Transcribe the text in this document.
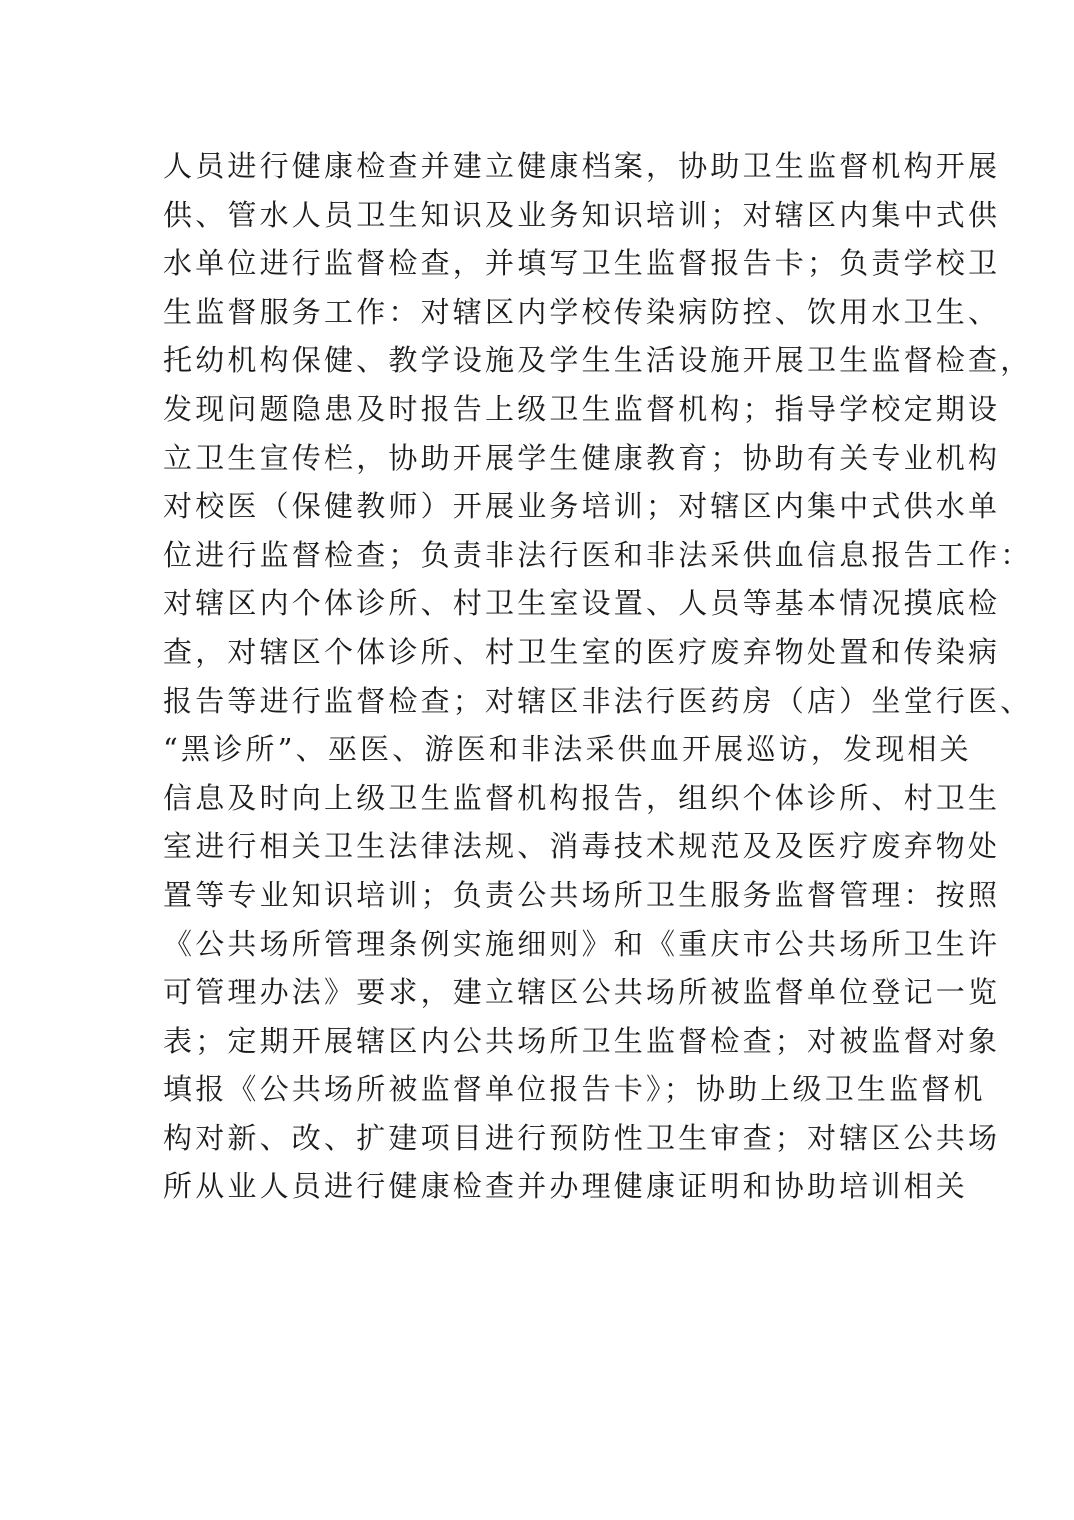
人员进行健康检查并建立健康档案，协助卫生监督机构开展
供、管水人员卫生知识及业务知识培训；对辖区内集中式供
水单位进行监督检查，并填写卫生监督报告卡；负责学校卫
生监督服务工作：对辖区内学校传染病防控、饮用水卫生、
托幼机构保健、教学设施及学生生活设施开展卫生监督检查，
发现问题隐患及时报告上级卫生监督机构；指导学校定期设
立卫生宣传栏，协助开展学生健康教育；协助有关专业机构
对校医（保健教师）开展业务培训；对辖区内集中式供水单
位进行监督检查；负责非法行医和非法采供血信息报告工作：
对辖区内个体诊所、村卫生室设置、人员等基本情况摸底检
查，对辖区个体诊所、村卫生室的医疗废弃物处置和传染病
报告等进行监督检查；对辖区非法行医药房（店）坐堂行医、
“黑诊所”、巫医、游医和非法采供血开展巡访，发现相关
信息及时向上级卫生监督机构报告，组织个体诊所、村卫生
室进行相关卫生法律法规、消毒技术规范及及医疗废弃物处
置等专业知识培训；负责公共场所卫生服务监督管理：按照
《公共场所管理条例实施细则》和《重庆市公共场所卫生许
可管理办法》要求，建立辖区公共场所被监督单位登记一览
表；定期开展辖区内公共场所卫生监督检查；对被监督对象
填报《公共场所被监督单位报告卡》；协助上级卫生监督机
构对新、改、扩建项目进行预防性卫生审查；对辖区公共场
所从业人员进行健康检查并办理健康证明和协助培训相关
